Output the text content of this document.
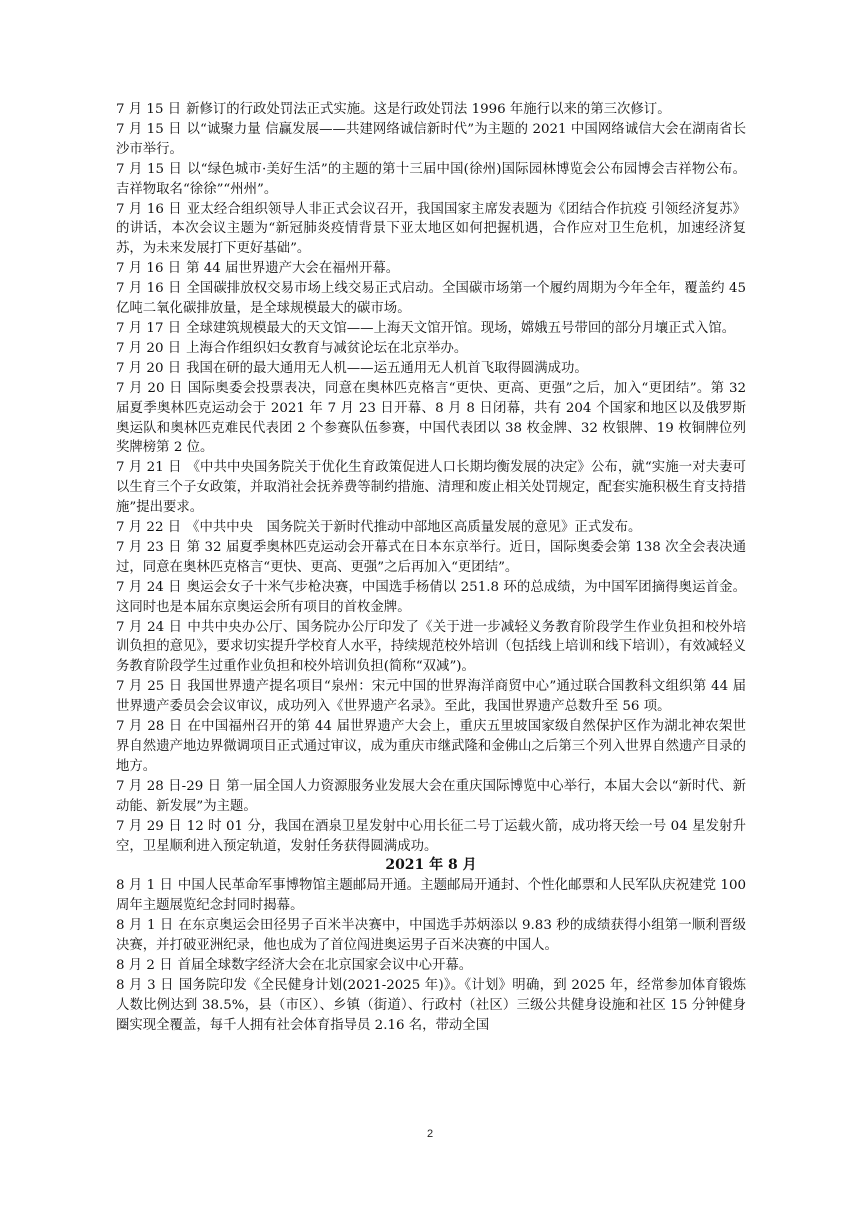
7 月 15 日 新修订的行政处罚法正式实施。这是行政处罚法 1996 年施行以来的第三次修订。

7 月 15 日 以“诚聚力量 信赢发展——共建网络诚信新时代”为主题的 2021 中国网络诚信大会在湖南省长沙市举行。

7 月 15 日 以“绿色城市·美好生活”的主题的第十三届中国(徐州)国际园林博览会公布园博会吉祥物公布。吉祥物取名“徐徐”“州州”。

7 月 16 日 亚太经合组织领导人非正式会议召开，我国国家主席发表题为《团结合作抗疫 引领经济复苏》的讲话，本次会议主题为“新冠肺炎疫情背景下亚太地区如何把握机遇，合作应对卫生危机，加速经济复苏，为未来发展打下更好基础”。

7 月 16 日 第 44 届世界遗产大会在福州开幕。

7 月 16 日 全国碳排放权交易市场上线交易正式启动。全国碳市场第一个履约周期为今年全年，覆盖约 45 亿吨二氧化碳排放量，是全球规模最大的碳市场。

7 月 17 日 全球建筑规模最大的天文馆——上海天文馆开馆。现场，嫦娥五号带回的部分月壤正式入馆。

7 月 20 日 上海合作组织妇女教育与减贫论坛在北京举办。

7 月 20 日 我国在研的最大通用无人机——运五通用无人机首飞取得圆满成功。

7 月 20 日 国际奥委会投票表决，同意在奥林匹克格言“更快、更高、更强”之后，加入“更团结”。第 32 届夏季奥林匹克运动会于 2021 年 7 月 23 日开幕、8 月 8 日闭幕，共有 204 个国家和地区以及俄罗斯奥运队和奥林匹克难民代表团 2 个参赛队伍参赛，中国代表团以 38 枚金牌、32 枚银牌、19 枚铜牌位列奖牌榜第 2 位。

7 月 21 日 《中共中央国务院关于优化生育政策促进人口长期均衡发展的决定》公布，就“实施一对夫妻可以生育三个子女政策，并取消社会抚养费等制约措施、清理和废止相关处罚规定，配套实施积极生育支持措施”提出要求。

7 月 22 日 《中共中央　国务院关于新时代推动中部地区高质量发展的意见》正式发布。

7 月 23 日 第 32 届夏季奥林匹克运动会开幕式在日本东京举行。近日，国际奥委会第 138 次全会表决通过，同意在奥林匹克格言“更快、更高、更强”之后再加入“更团结”。

7 月 24 日 奥运会女子十米气步枪决赛，中国选手杨倩以 251.8 环的总成绩，为中国军团摘得奥运首金。这同时也是本届东京奥运会所有项目的首枚金牌。

7 月 24 日 中共中央办公厅、国务院办公厅印发了《关于进一步减轻义务教育阶段学生作业负担和校外培训负担的意见》，要求切实提升学校育人水平，持续规范校外培训（包括线上培训和线下培训），有效减轻义务教育阶段学生过重作业负担和校外培训负担(简称“双减”)。

7 月 25 日 我国世界遗产提名项目“泉州：宋元中国的世界海洋商贸中心”通过联合国教科文组织第 44 届世界遗产委员会会议审议，成功列入《世界遗产名录》。至此，我国世界遗产总数升至 56 项。

7 月 28 日 在中国福州召开的第 44 届世界遗产大会上，重庆五里坡国家级自然保护区作为湖北神农架世界自然遗产地边界微调项目正式通过审议，成为重庆市继武隆和金佛山之后第三个列入世界自然遗产目录的地方。

7 月 28 日-29 日 第一届全国人力资源服务业发展大会在重庆国际博览中心举行，本届大会以“新时代、新动能、新发展”为主题。

7 月 29 日 12 时 01 分，我国在酒泉卫星发射中心用长征二号丁运载火箭，成功将天绘一号 04 星发射升空，卫星顺利进入预定轨道，发射任务获得圆满成功。

2021 年 8 月

8 月 1 日 中国人民革命军事博物馆主题邮局开通。主题邮局开通封、个性化邮票和人民军队庆祝建党 100 周年主题展览纪念封同时揭幕。

8 月 1 日 在东京奥运会田径男子百米半决赛中，中国选手苏炳添以 9.83 秒的成绩获得小组第一顺利晋级决赛，并打破亚洲纪录，他也成为了首位闯进奥运男子百米决赛的中国人。

8 月 2 日 首届全球数字经济大会在北京国家会议中心开幕。

8 月 3 日 国务院印发《全民健身计划(2021-2025 年)》。《计划》明确，到 2025 年，经常参加体育锻炼人数比例达到 38.5%，县（市区）、乡镇（街道）、行政村（社区）三级公共健身设施和社区 15 分钟健身圈实现全覆盖，每千人拥有社会体育指导员 2.16 名，带动全国

2
